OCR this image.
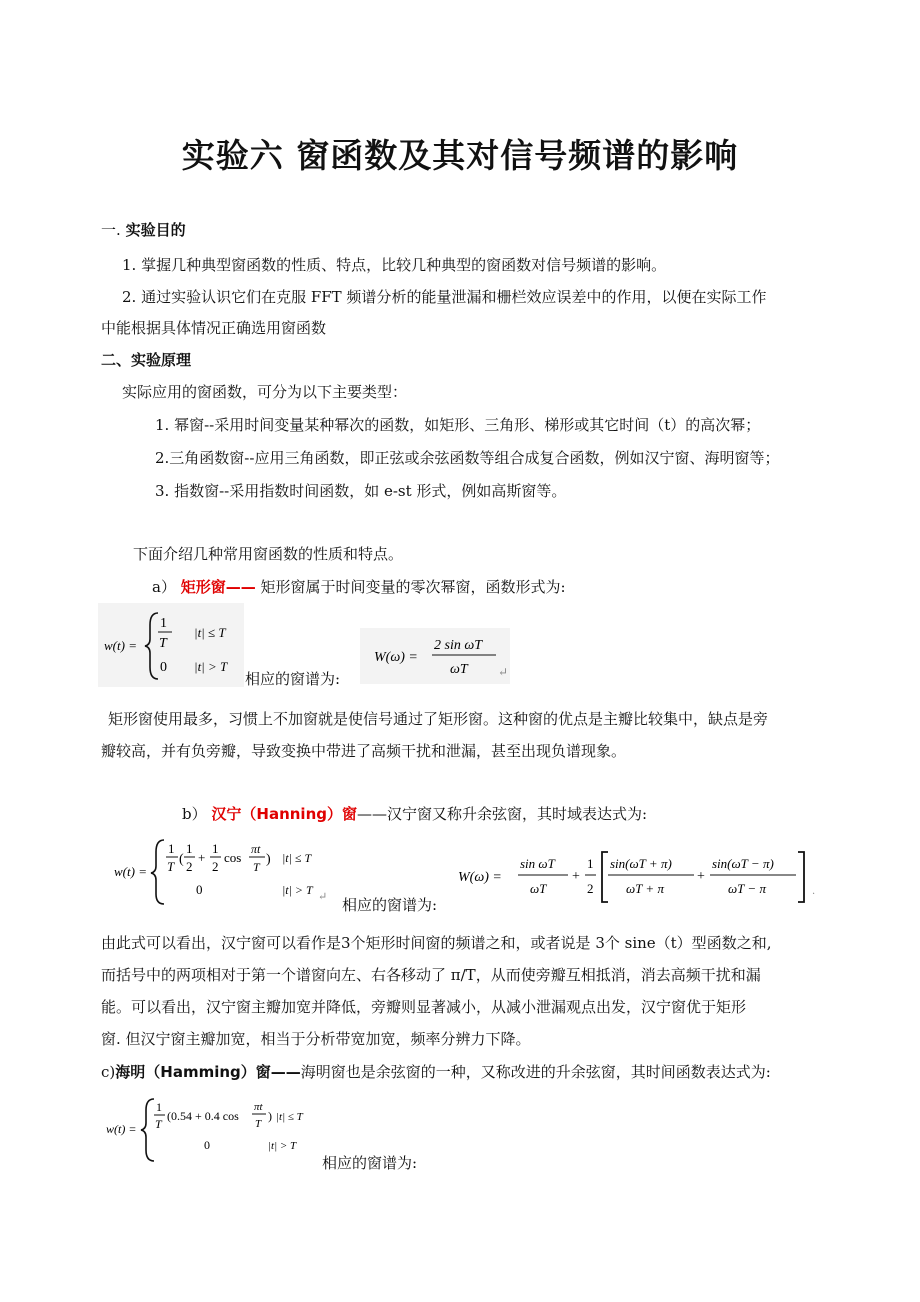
实验六 窗函数及其对信号频谱的影响
一. 实验目的
1. 掌握几种典型窗函数的性质、特点，比较几种典型的窗函数对信号频谱的影响。
2. 通过实验认识它们在克服 FFT 频谱分析的能量泄漏和栅栏效应误差中的作用，以便在实际工作
中能根据具体情况正确选用窗函数
二、实验原理
实际应用的窗函数，可分为以下主要类型：
1. 幂窗--采用时间变量某种幂次的函数，如矩形、三角形、梯形或其它时间（t）的高次幂；
2.三角函数窗--应用三角函数，即正弦或余弦函数等组合成复合函数，例如汉宁窗、海明窗等；
3. 指数窗--采用指数时间函数，如 e-st 形式，例如高斯窗等。
下面介绍几种常用窗函数的性质和特点。
a） 矩形窗—— 矩形窗属于时间变量的零次幂窗，函数形式为:
w(t) =
1
T
|t| ≤ T
0 |t| > T
相应的窗谱为:
W(ω) =
2 sin ωT
ωT	↵
矩形窗使用最多，习惯上不加窗就是使信号通过了矩形窗。这种窗的优点是主瓣比较集中，缺点是旁
瓣较高，并有负旁瓣，导致变换中带进了高频干扰和泄漏，甚至出现负谱现象。
b） 汉宁（Hanning）窗——汉宁窗又称升余弦窗，其时域表达式为:
w(t) =
1
T (
1
2
+
1
2
cos
πt
T ) |t| ≤ T
0	|t| > T ↵ 相应的窗谱为:
W(ω) =
sin ωT
ωT
+
1
2
sin(ωT + π)
ωT + π
+
sin(ωT − π)
ωT − π	.
由此式可以看出，汉宁窗可以看作是3个矩形时间窗的频谱之和，或者说是 3个 sine（t）型函数之和,
而括号中的两项相对于第一个谱窗向左、右各移动了 π/T，从而使旁瓣互相抵消，消去高频干扰和漏
能。可以看出，汉宁窗主瓣加宽并降低，旁瓣则显著减小，从减小泄漏观点出发，汉宁窗优于矩形
窗. 但汉宁窗主瓣加宽，相当于分析带宽加宽，频率分辨力下降。
c)海明（Hamming）窗——海明窗也是余弦窗的一种，又称改进的升余弦窗，其时间函数表达式为:
w(t) =
1
T
(0.54 + 0.4 cos
πt
T
) |t| ≤ T
0	|t| > T
相应的窗谱为:
